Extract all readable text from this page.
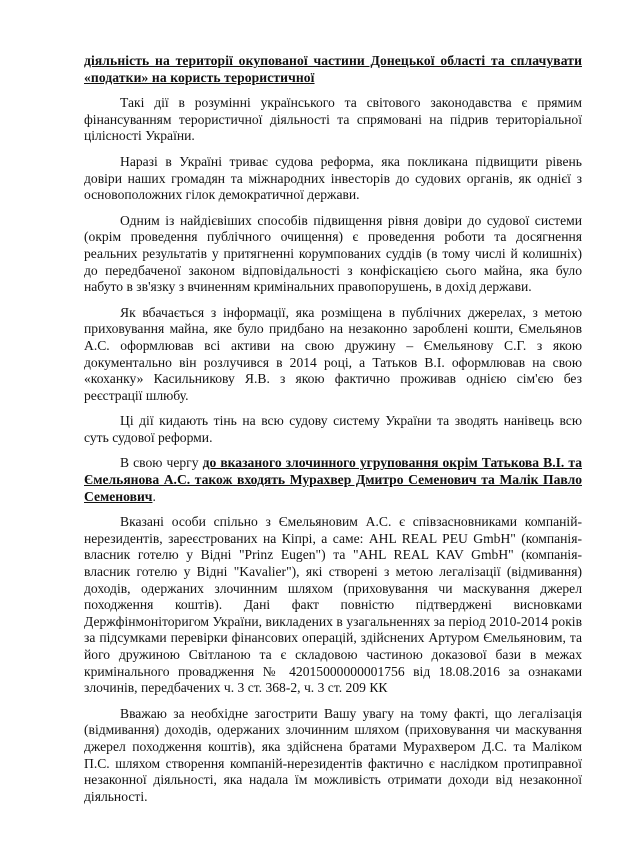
діяльність на території окупованої частини Донецької області та сплачувати «податки» на користь терористичної
Такі дії в розумінні українського та світового законодавства є прямим фінансуванням терористичної діяльності та спрямовані на підрив територіальної цілісності України.
Наразі в Україні триває судова реформа, яка покликана підвищити рівень довіри наших громадян та міжнародних інвесторів до судових органів, як однієї з основоположних гілок демократичної держави.
Одним із найдієвіших способів підвищення рівня довіри до судової системи (окрім проведення публічного очищення) є проведення роботи та досягнення реальних результатів у притягненні корумпованих суддів (в тому числі й колишніх) до передбаченої законом відповідальності з конфіскацією сього майна, яка було набуто в зв'язку з вчиненням кримінальних правопорушень, в дохід держави.
Як вбачається з інформації, яка розміщена в публічних джерелах, з метою приховування майна, яке було придбано на незаконно зароблені кошти, Ємельянов А.С. оформлював всі активи на свою дружину – Ємельянову С.Г. з якою документально він розлучився в 2014 році, а Татьков В.І. оформлював на свою «коханку» Касильникову Я.В. з якою фактично проживав однією сім'єю без реєстрації шлюбу.
Ці дії кидають тінь на всю судову систему України та зводять нанівець всю суть судової реформи.
В свою чергу до вказаного злочинного угруповання окрім Татькова В.І. та Ємельянова А.С. також входять Мурахвер Дмитро Семенович та Малік Павло Семенович.
Вказані особи спільно з Ємельяновим А.С. є співзасновниками компаній-нерезидентів, зареєстрованих на Кіпрі, а саме: AHL REAL PEU GmbH" (компанія-власник готелю у Відні "Prinz Eugen") та "AHL REAL KAV GmbH" (компанія-власник готелю у Відні "Kavalier"), які створені з метою легалізації (відмивання) доходів, одержаних злочинним шляхом (приховування чи маскування джерел походження коштів). Дані факт повністю підтверджені висновками Держфінмоніторигом України, викладених в узагальненнях за період 2010-2014 років за підсумками перевірки фінансових операцій, здійснених Артуром Ємельяновим, та його дружиною Світланою та є складовою частиною доказової бази в межах кримінального провадження № 42015000000001756 від 18.08.2016 за ознаками злочинів, передбачених ч. 3 ст. 368-2, ч. 3 ст. 209 КК
Вважаю за необхідне загострити Вашу увагу на тому факті, що легалізація (відмивання) доходів, одержаних злочинним шляхом (приховування чи маскування джерел походження коштів), яка здійснена братами Мурахвером Д.С. та Маліком П.С. шляхом створення компаній-нерезидентів фактично є наслідком протиправної незаконної діяльності, яка надала їм можливість отримати доходи від незаконної діяльності.
